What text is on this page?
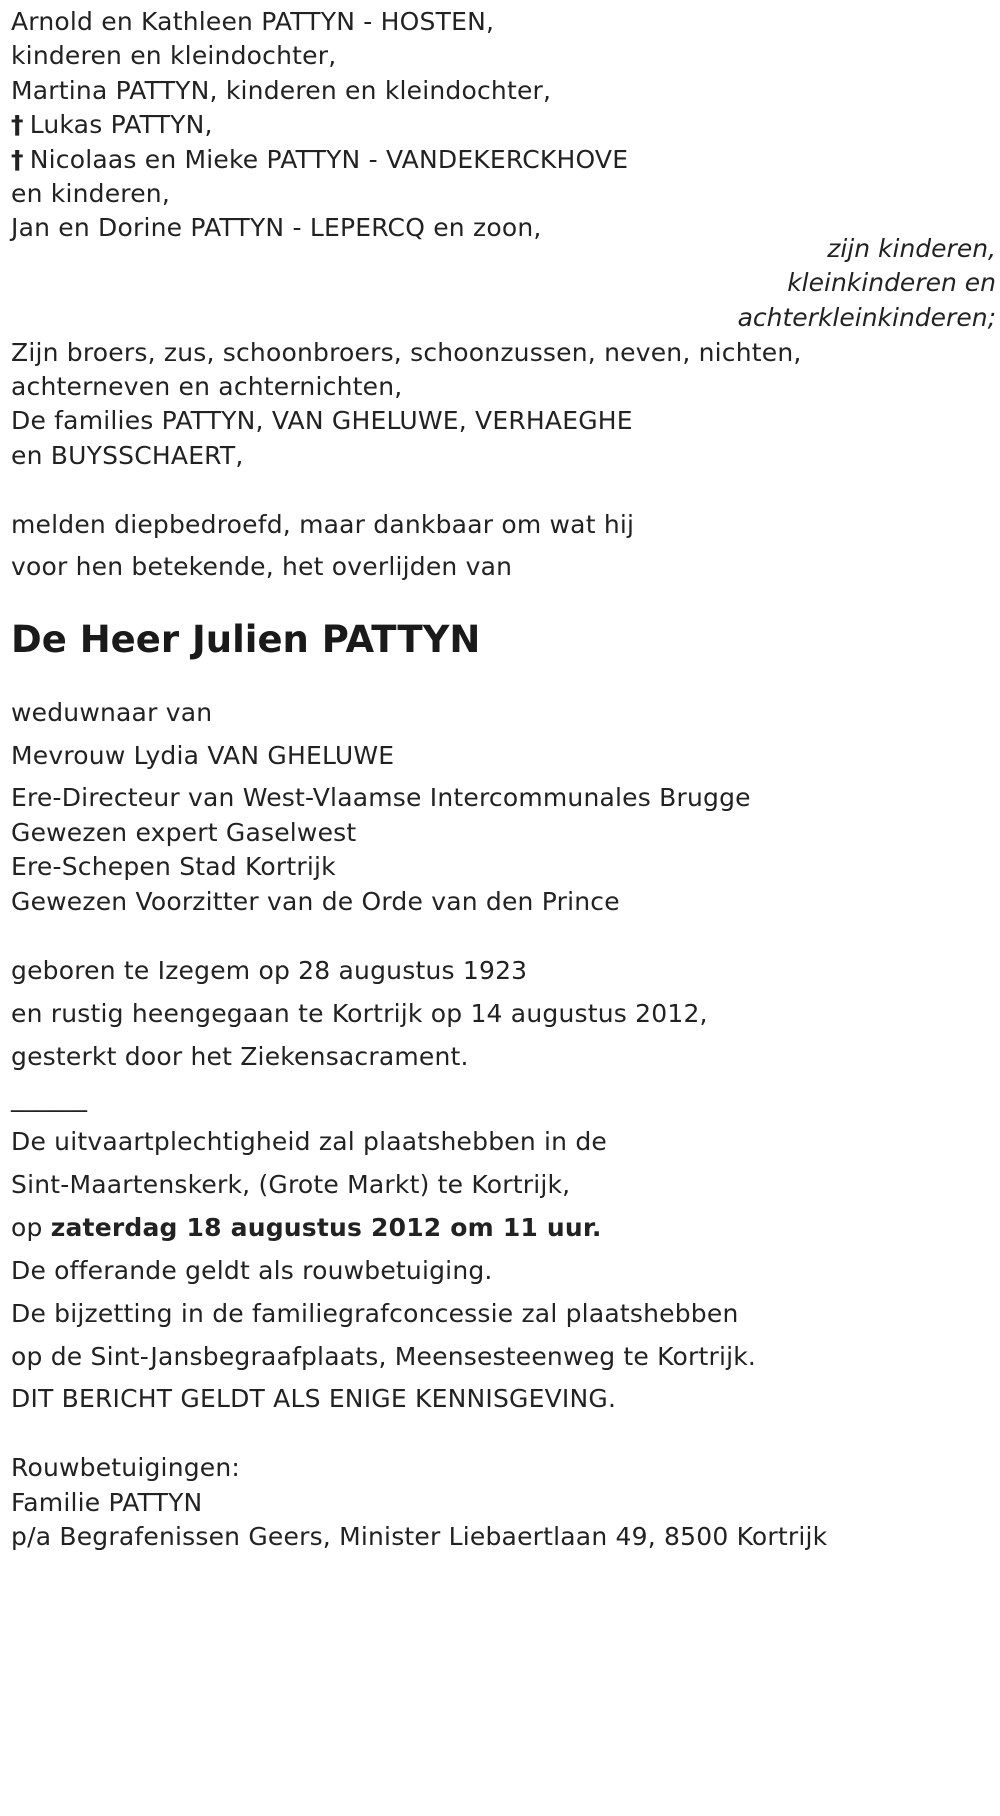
Arnold en Kathleen PATTYN - HOSTEN,
kinderen en kleindochter,
Martina PATTYN, kinderen en kleindochter,
† Lukas PATTYN,
† Nicolaas en Mieke PATTYN - VANDEKERCKHOVE
en kinderen,
Jan en Dorine PATTYN - LEPERCQ en zoon,
zijn kinderen,
kleinkinderen en
achterkleinkinderen;
Zijn broers, zus, schoonbroers, schoonzussen, neven, nichten,
achterneven en achternichten,
De families PATTYN, VAN GHELUWE, VERHAEGHE
en BUYSSCHAERT,
melden diepbedroefd, maar dankbaar om wat hij
voor hen betekende, het overlijden van
De Heer Julien PATTYN
weduwnaar van
Mevrouw Lydia VAN GHELUWE
Ere-Directeur van West-Vlaamse Intercommunales Brugge
Gewezen expert Gaselwest
Ere-Schepen Stad Kortrijk
Gewezen Voorzitter van de Orde van den Prince
geboren te Izegem op 28 augustus 1923
en rustig heengegaan te Kortrijk op 14 augustus 2012,
gesterkt door het Ziekensacrament.
______
De uitvaartplechtigheid zal plaatshebben in de
Sint-Maartenskerk, (Grote Markt) te Kortrijk,
op zaterdag 18 augustus 2012 om 11 uur.
De offerande geldt als rouwbetuiging.
De bijzetting in de familiegrafconcessie zal plaatshebben
op de Sint-Jansbegraafplaats, Meensesteenweg te Kortrijk.
DIT BERICHT GELDT ALS ENIGE KENNISGEVING.
Rouwbetuigingen:
Familie PATTYN
p/a Begrafenissen Geers, Minister Liebaertlaan 49, 8500 Kortrijk
